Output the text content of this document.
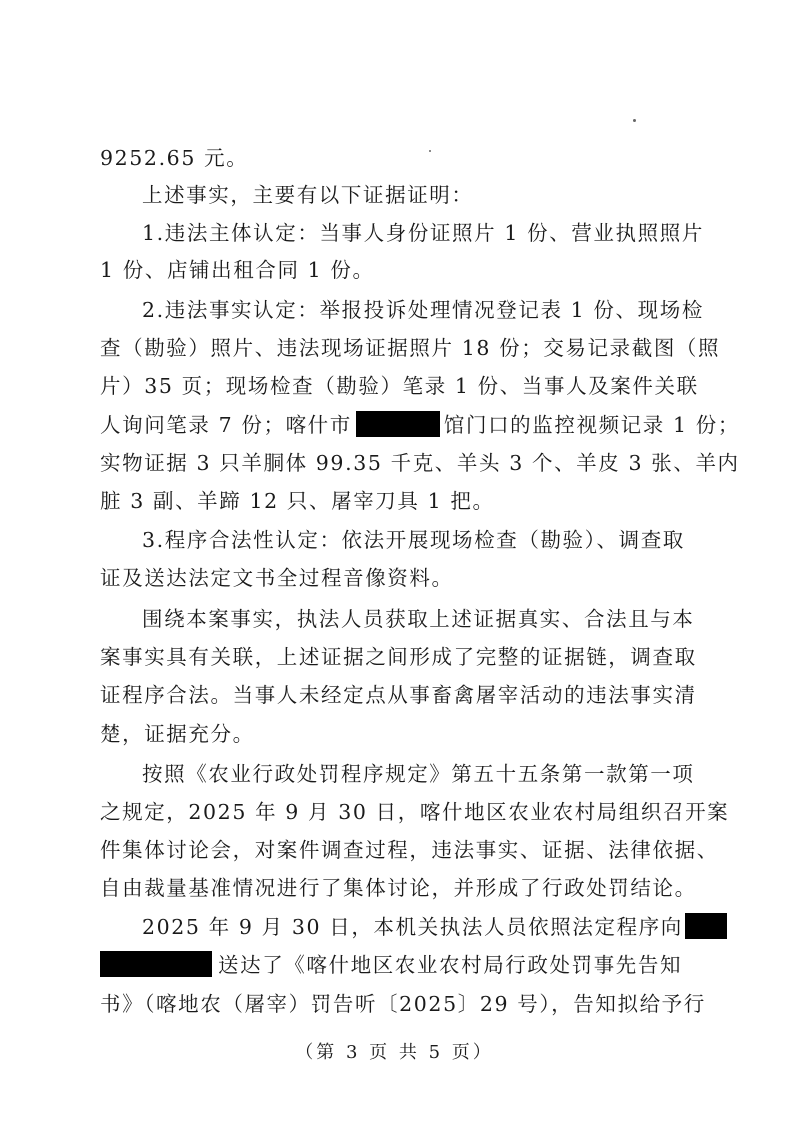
9252.65 元。
上述事实，主要有以下证据证明：
1.违法主体认定：当事人身份证照片 1 份、营业执照照片
1 份、店铺出租合同 1 份。
2.违法事实认定：举报投诉处理情况登记表 1 份、现场检
查（勘验）照片、违法现场证据照片 18 份；交易记录截图（照
片）35 页；现场检查（勘验）笔录 1 份、当事人及案件关联
人询问笔录 7 份；喀什市	馆门口的监控视频记录 1 份；
实物证据 3 只羊胴体 99.35 千克、羊头 3 个、羊皮 3 张、羊内
脏 3 副、羊蹄 12 只、屠宰刀具 1 把。
3.程序合法性认定：依法开展现场检查（勘验）、调查取
证及送达法定文书全过程音像资料。
围绕本案事实，执法人员获取上述证据真实、合法且与本
案事实具有关联，上述证据之间形成了完整的证据链，调查取
证程序合法。当事人未经定点从事畜禽屠宰活动的违法事实清
楚，证据充分。
按照《农业行政处罚程序规定》第五十五条第一款第一项
之规定，2025 年 9 月 30 日，喀什地区农业农村局组织召开案
件集体讨论会，对案件调查过程，违法事实、证据、法律依据、
自由裁量基准情况进行了集体讨论，并形成了行政处罚结论。
2025 年 9 月 30 日，本机关执法人员依照法定程序向
送达了《喀什地区农业农村局行政处罚事先告知
书》（喀地农（屠宰）罚告听〔2025〕29 号），告知拟给予行
（第 3 页 共 5 页）
